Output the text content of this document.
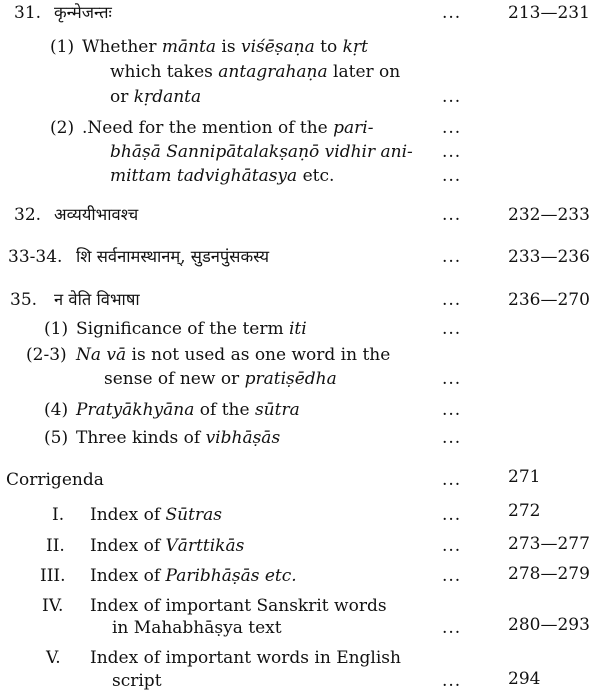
31. कृन्मेजन्तः	...	213—231
(1) Whether mānta is viśēṣaṇa to kṛt
which takes antagrahaṇa later on
or kṛdanta	...
(2) .Need for the mention of the pari-	...
bhāṣā Sannipātalakṣaṇō vidhir ani- ...
mittam tadvighātasya etc.	...
32. अव्ययीभावश्च	...	232—233
33-34. शि सर्वनामस्थानम्, सुडनपुंसकस्य	...	233—236
35. न वेति विभाषा	...	236—270
(1) Significance of the term iti	...
(2-3) Na vā is not used as one word in the
sense of new or pratiṣēdha	...
(4) Pratyākhyāna of the sūtra	...
(5) Three kinds of vibhāṣās	...
Corrigenda	...	271
I. Index of Sūtras	...	272
II. Index of Vārttikās	...	273—277
III. Index of Paribhāṣās etc.	...	278—279
IV. Index of important Sanskrit words
in Mahabhāṣya text	...	280—293
V. Index of important words in English
script	...	294
